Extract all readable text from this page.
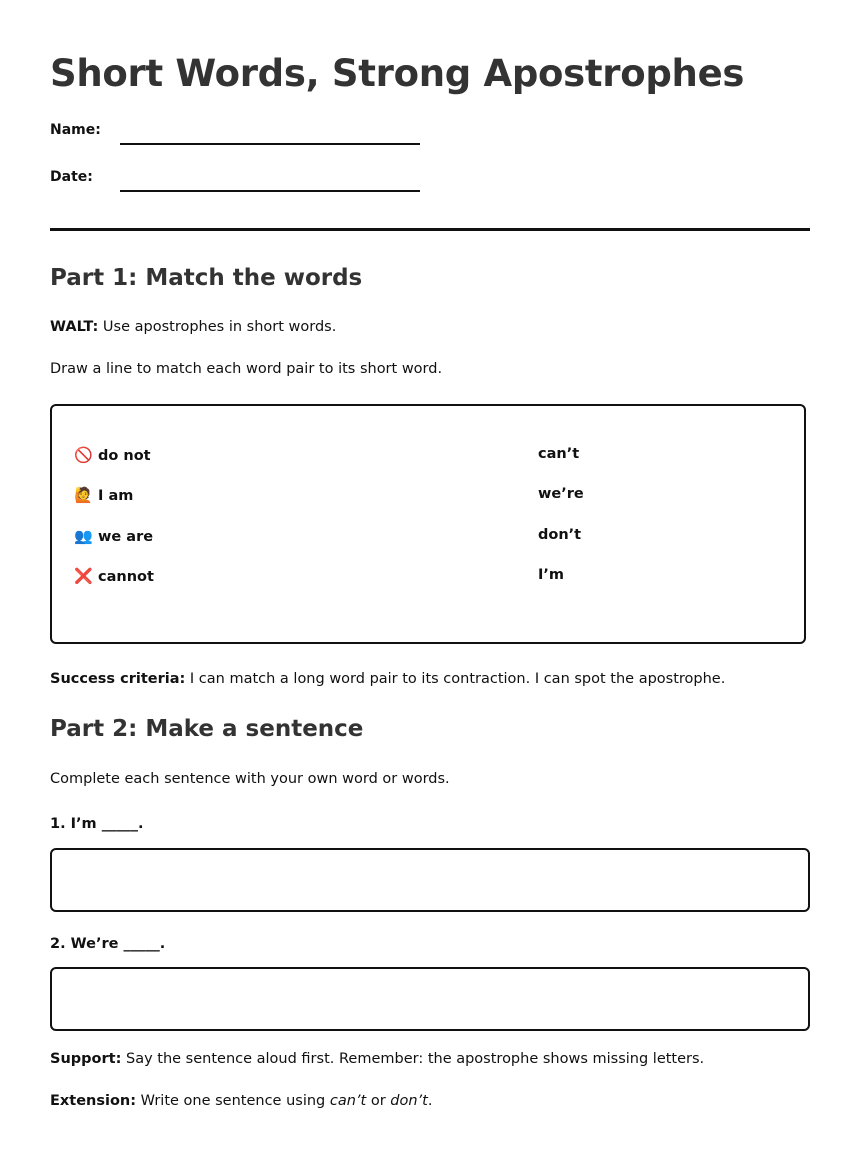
Short Words, Strong Apostrophes
Name:
Date:
Part 1: Match the words
WALT: Use apostrophes in short words.
Draw a line to match each word pair to its short word.
🚫 do not
🙋 I am
👥 we are
❌ cannot
can’t
we’re
don’t
I’m
Success criteria: I can match a long word pair to its contraction. I can spot the apostrophe.
Part 2: Make a sentence
Complete each sentence with your own word or words.
1. I’m _____.
2. We’re _____.
Support: Say the sentence aloud first. Remember: the apostrophe shows missing letters.
Extension: Write one sentence using can’t or don’t.
